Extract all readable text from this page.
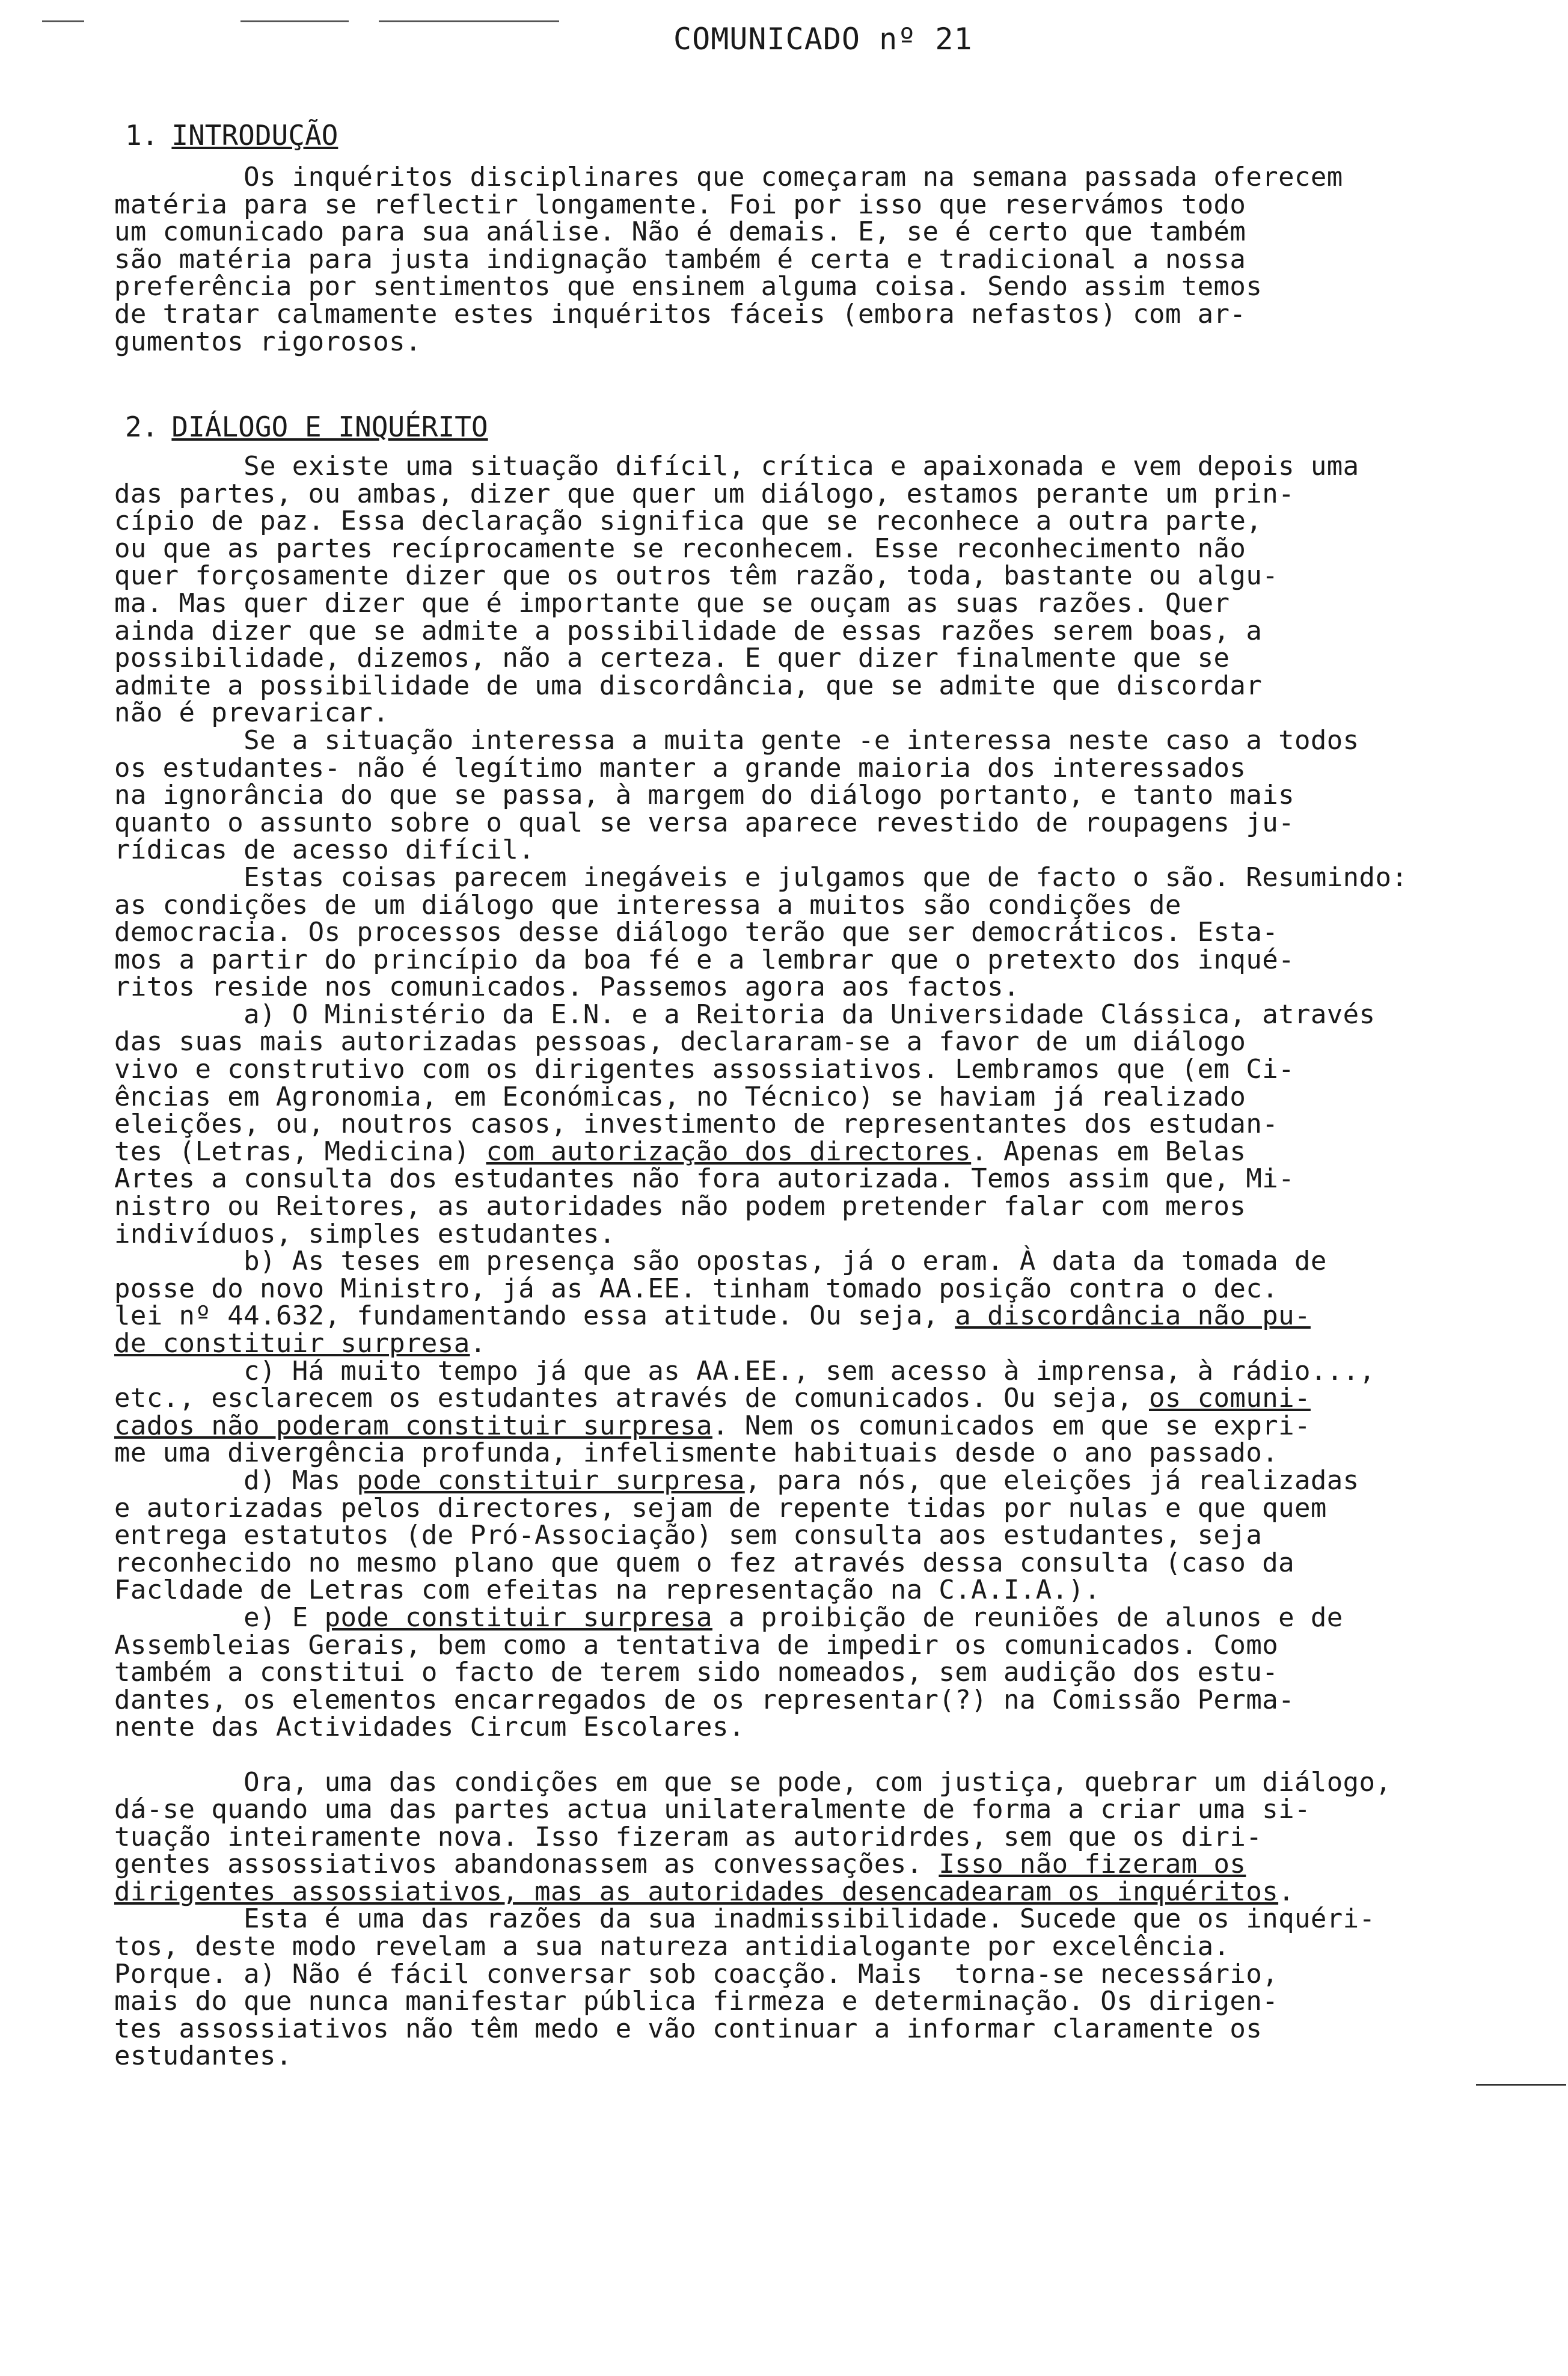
COMUNICADO nº 21
1. INTRODUÇÃO
Os inquéritos disciplinares que começaram na semana passada oferecem
matéria para se reflectir longamente. Foi por isso que reservámos todo
um comunicado para sua análise. Não é demais. E, se é certo que também
são matéria para justa indignação também é certa e tradicional a nossa
preferência por sentimentos que ensinem alguma coisa. Sendo assim temos
de tratar calmamente estes inquéritos fáceis (embora nefastos) com ar-
gumentos rigorosos.
2. DIÁLOGO E INQUÉRITO
Se existe uma situação difícil, crítica e apaixonada e vem depois uma
das partes, ou ambas, dizer que quer um diálogo, estamos perante um prin-
cípio de paz. Essa declaração significa que se reconhece a outra parte,
ou que as partes recíprocamente se reconhecem. Esse reconhecimento não
quer forçosamente dizer que os outros têm razão, toda, bastante ou algu-
ma. Mas quer dizer que é importante que se ouçam as suas razões. Quer
ainda dizer que se admite a possibilidade de essas razões serem boas, a
possibilidade, dizemos, não a certeza. E quer dizer finalmente que se
admite a possibilidade de uma discordância, que se admite que discordar
não é prevaricar.
Se a situação interessa a muita gente -e interessa neste caso a todos
os estudantes- não é legítimo manter a grande maioria dos interessados
na ignorância do que se passa, à margem do diálogo portanto, e tanto mais
quanto o assunto sobre o qual se versa aparece revestido de roupagens ju-
rídicas de acesso difícil.
Estas coisas parecem inegáveis e julgamos que de facto o são. Resumindo:
as condições de um diálogo que interessa a muitos são condições de
democracia. Os processos desse diálogo terão que ser democráticos. Esta-
mos a partir do princípio da boa fé e a lembrar que o pretexto dos inqué-
ritos reside nos comunicados. Passemos agora aos factos.
a) O Ministério da E.N. e a Reitoria da Universidade Clássica, através
das suas mais autorizadas pessoas, declararam-se a favor de um diálogo
vivo e construtivo com os dirigentes assossiativos. Lembramos que (em Ci-
ências em Agronomia, em Económicas, no Técnico) se haviam já realizado
eleições, ou, noutros casos, investimento de representantes dos estudan-
tes (Letras, Medicina) com autorização dos directores. Apenas em Belas
Artes a consulta dos estudantes não fora autorizada. Temos assim que, Mi-
nistro ou Reitores, as autoridades não podem pretender falar com meros
indivíduos, simples estudantes.
b) As teses em presença são opostas, já o eram. À data da tomada de
posse do novo Ministro, já as AA.EE. tinham tomado posição contra o dec.
lei nº 44.632, fundamentando essa atitude. Ou seja, a discordância não pu-
de constituir surpresa.
c) Há muito tempo já que as AA.EE., sem acesso à imprensa, à rádio...,
etc., esclarecem os estudantes através de comunicados. Ou seja, os comuni-
cados não poderam constituir surpresa. Nem os comunicados em que se expri-
me uma divergência profunda, infelismente habituais desde o ano passado.
d) Mas pode constituir surpresa, para nós, que eleições já realizadas
e autorizadas pelos directores, sejam de repente tidas por nulas e que quem
entrega estatutos (de Pró-Associação) sem consulta aos estudantes, seja
reconhecido no mesmo plano que quem o fez através dessa consulta (caso da
Facldade de Letras com efeitas na representação na C.A.I.A.).
e) E pode constituir surpresa a proibição de reuniões de alunos e de
Assembleias Gerais, bem como a tentativa de impedir os comunicados. Como
também a constitui o facto de terem sido nomeados, sem audição dos estu-
dantes, os elementos encarregados de os representar(?) na Comissão Perma-
nente das Actividades Circum Escolares.

Ora, uma das condições em que se pode, com justiça, quebrar um diálogo,
dá-se quando uma das partes actua unilateralmente de forma a criar uma si-
tuação inteiramente nova. Isso fizeram as autoridrdes, sem que os diri-
gentes assossiativos abandonassem as convessações. Isso não fizeram os
dirigentes assossiativos, mas as autoridades desencadearam os inquéritos.
Esta é uma das razões da sua inadmissibilidade. Sucede que os inquéri-
tos, deste modo revelam a sua natureza antidialogante por excelência.
Porque. a) Não é fácil conversar sob coacção. Mais  torna-se necessário,
mais do que nunca manifestar pública firmeza e determinação. Os dirigen-
tes assossiativos não têm medo e vão continuar a informar claramente os
estudantes.
